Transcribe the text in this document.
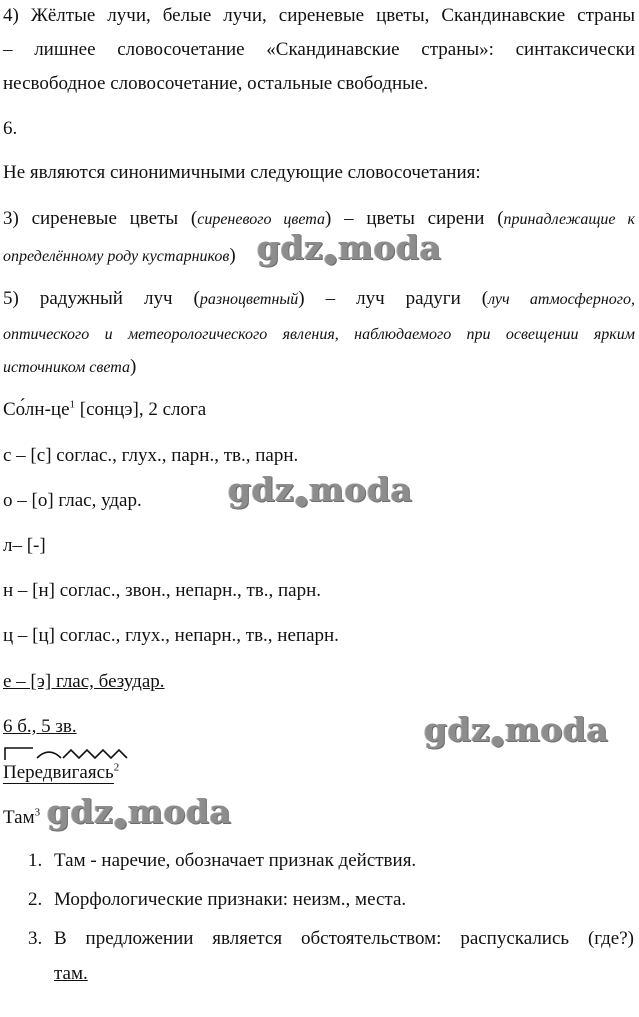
4) Жёлтые лучи, белые лучи, сиреневые цветы, Скандинавские страны
– лишнее словосочетание «Скандинавские страны»: синтаксически
несвободное словосочетание, остальные свободные.
6.
Не являются синонимичными следующие словосочетания:
3) сиреневые цветы (сиреневого цвета) – цветы сирени (принадлежащие к
определённому роду кустарников)
5) радужный луч (разноцветный) – луч радуги (луч атмосферного,
оптического и метеорологического явления, наблюдаемого при освещении ярким
источником света)
$Со́лн-це^1$ [сонцэ], 2 слога
с – [с] соглас., глух., парн., тв., парн.
о – [о] глас, удар.
л– [-]
н – [н] соглас., звон., непарн., тв., парн.
ц – [ц] соглас., глух., непарн., тв., непарн.
е – [э] глас, безудар.
6 б., 5 зв.
Передвигаясь$^2$
Там$^3$
1. Там - наречие, обозначает признак действия.
2. Морфологические признаки: неизм., места.
3. В предложении является обстоятельством: распускались (где?)
там.
gdz●moda
gdz●moda
gdz●moda
gdz●moda
